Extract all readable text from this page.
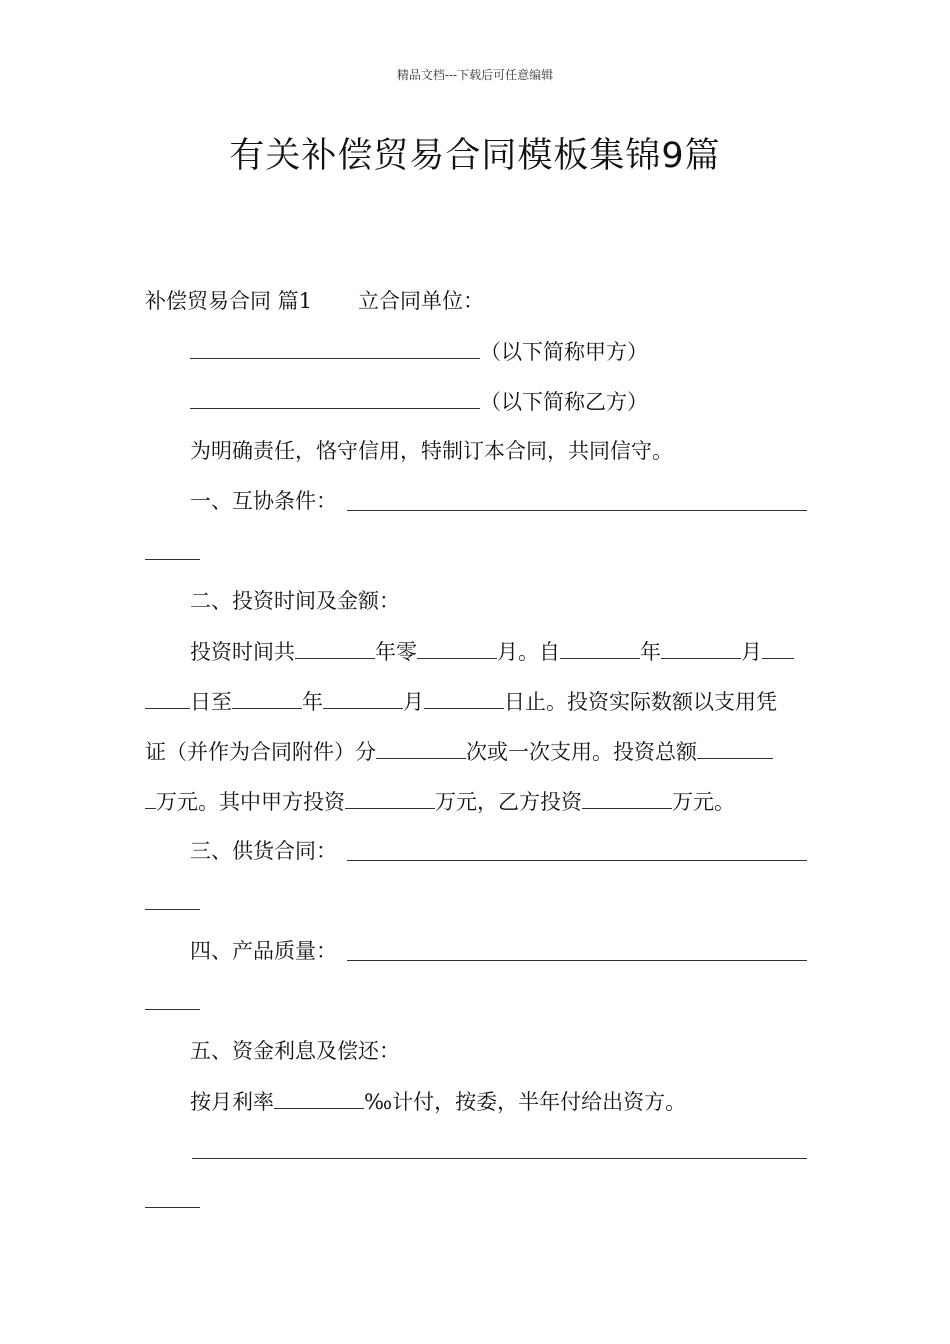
精品文档---下载后可任意编辑
有关补偿贸易合同模板集锦9篇
补偿贸易合同 篇1 立合同单位：
（以下简称甲方）
（以下简称乙方）
为明确责任，恪守信用，特制订本合同，共同信守。
一、互协条件：
二、投资时间及金额：
投资时间共	年零	月。自	年	月
日至	年	月	日止。投资实际数额以支用凭
证（并作为合同附件）分	次或一次支用。投资总额
万元。其中甲方投资	万元，乙方投资	万元。
三、供货合同：
四、产品质量：
五、资金利息及偿还：
按月利率	‰计付，按委，半年付给出资方。
